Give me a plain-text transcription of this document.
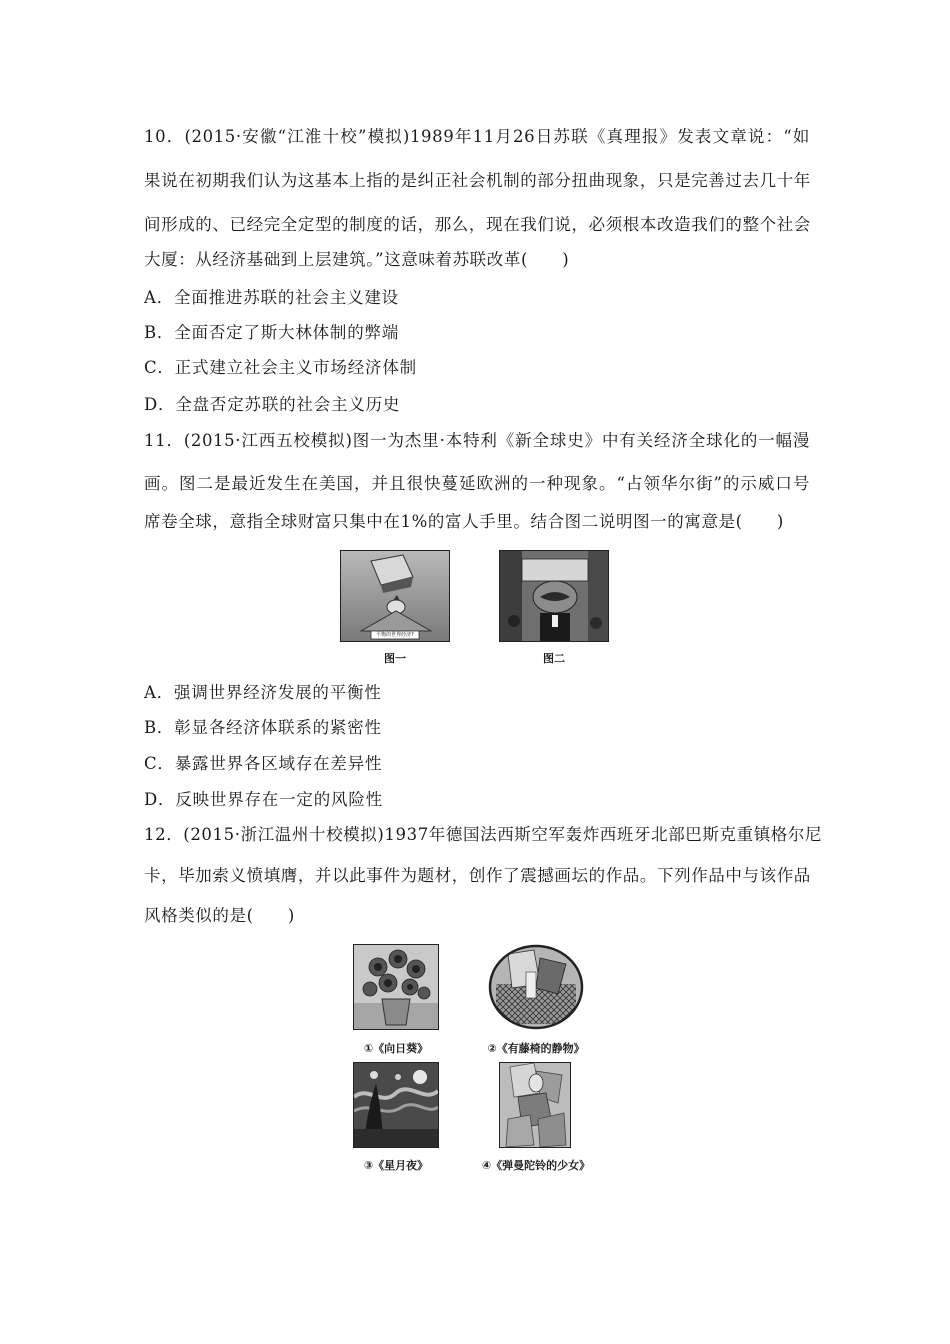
10．(2015·安徽“江淮十校”模拟)1989年11月26日苏联《真理报》发表文章说：“如
果说在初期我们认为这基本上指的是纠正社会机制的部分扭曲现象，只是完善过去几十年
间形成的、已经完全定型的制度的话，那么，现在我们说，必须根本改造我们的整个社会
大厦：从经济基础到上层建筑。”这意味着苏联改革(　　)
A．全面推进苏联的社会主义建设
B．全面否定了斯大林体制的弊端
C．正式建立社会主义市场经济体制
D．全盘否定苏联的社会主义历史
11．(2015·江西五校模拟)图一为杰里·本特利《新全球史》中有关经济全球化的一幅漫
画。图二是最近发生在美国，并且很快蔓延欧洲的一种现象。“占领华尔街”的示威口号
席卷全球，意指全球财富只集中在1%的富人手里。结合图二说明图一的寓意是(　　)
平衡的世界经济?
图一	图二
A．强调世界经济发展的平衡性
B．彰显各经济体联系的紧密性
C．暴露世界各区域存在差异性
D．反映世界存在一定的风险性
12．(2015·浙江温州十校模拟)1937年德国法西斯空军轰炸西班牙北部巴斯克重镇格尔尼
卡，毕加索义愤填膺，并以此事件为题材，创作了震撼画坛的作品。下列作品中与该作品
风格类似的是(　　)
①《向日葵》	②《有藤椅的静物》
③《星月夜》	④《弹曼陀铃的少女》
